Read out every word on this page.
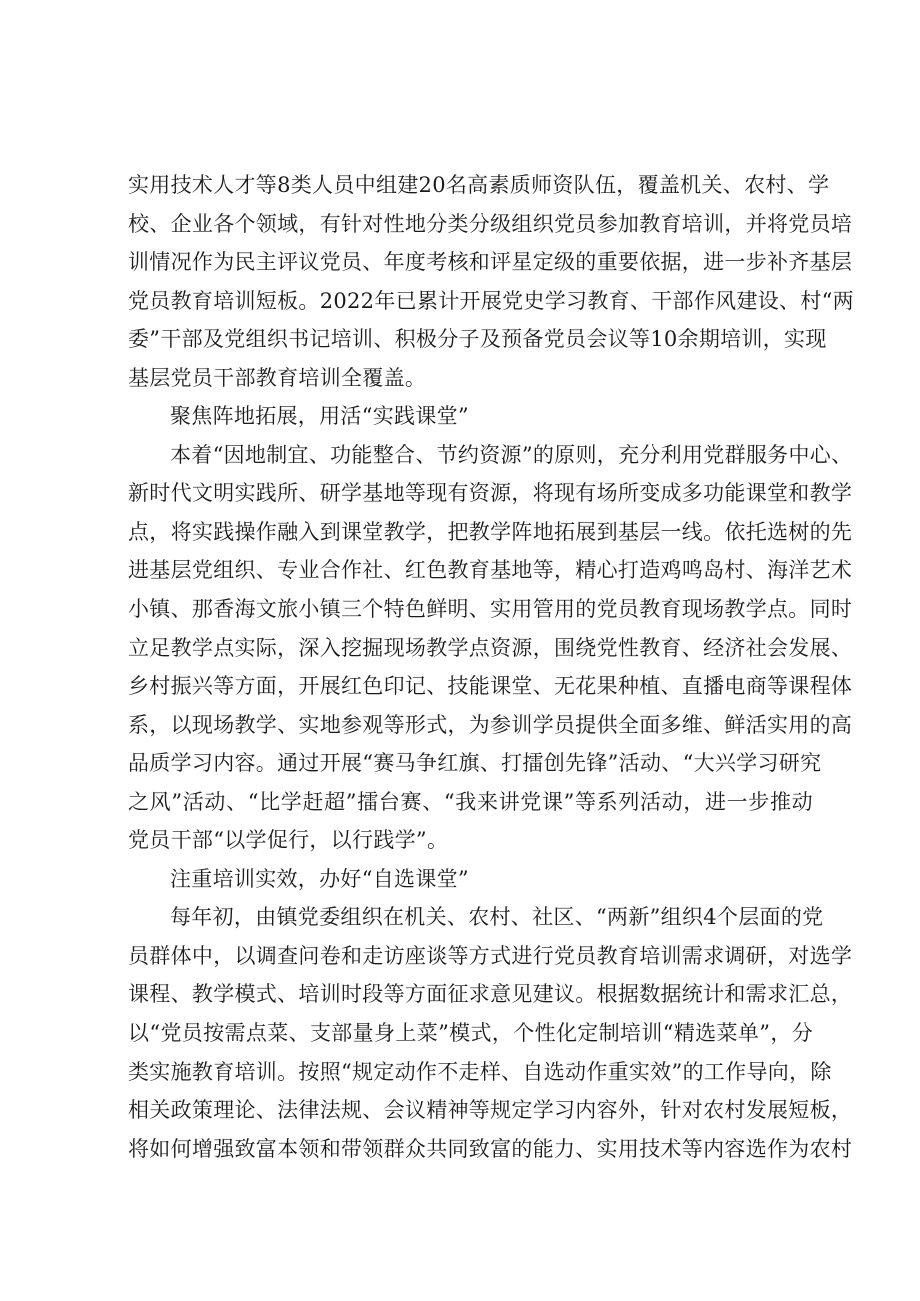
实用技术人才等8类人员中组建20名高素质师资队伍，覆盖机关、农村、学
校、企业各个领域，有针对性地分类分级组织党员参加教育培训，并将党员培
训情况作为民主评议党员、年度考核和评星定级的重要依据，进一步补齐基层
党员教育培训短板。2022年已累计开展党史学习教育、干部作风建设、村“两
委”干部及党组织书记培训、积极分子及预备党员会议等10余期培训，实现
基层党员干部教育培训全覆盖。
聚焦阵地拓展，用活“实践课堂”
本着“因地制宜、功能整合、节约资源”的原则，充分利用党群服务中心、
新时代文明实践所、研学基地等现有资源，将现有场所变成多功能课堂和教学
点，将实践操作融入到课堂教学，把教学阵地拓展到基层一线。依托选树的先
进基层党组织、专业合作社、红色教育基地等，精心打造鸡鸣岛村、海洋艺术
小镇、那香海文旅小镇三个特色鲜明、实用管用的党员教育现场教学点。同时
立足教学点实际，深入挖掘现场教学点资源，围绕党性教育、经济社会发展、
乡村振兴等方面，开展红色印记、技能课堂、无花果种植、直播电商等课程体
系，以现场教学、实地参观等形式，为参训学员提供全面多维、鲜活实用的高
品质学习内容。通过开展“赛马争红旗、打擂创先锋”活动、“大兴学习研究
之风”活动、“比学赶超”擂台赛、“我来讲党课”等系列活动，进一步推动
党员干部“以学促行，以行践学”。
注重培训实效，办好“自选课堂”
每年初，由镇党委组织在机关、农村、社区、“两新”组织4个层面的党
员群体中，以调查问卷和走访座谈等方式进行党员教育培训需求调研，对选学
课程、教学模式、培训时段等方面征求意见建议。根据数据统计和需求汇总，
以“党员按需点菜、支部量身上菜”模式，个性化定制培训“精选菜单”，分
类实施教育培训。按照“规定动作不走样、自选动作重实效”的工作导向，除
相关政策理论、法律法规、会议精神等规定学习内容外，针对农村发展短板，
将如何增强致富本领和带领群众共同致富的能力、实用技术等内容选作为农村
